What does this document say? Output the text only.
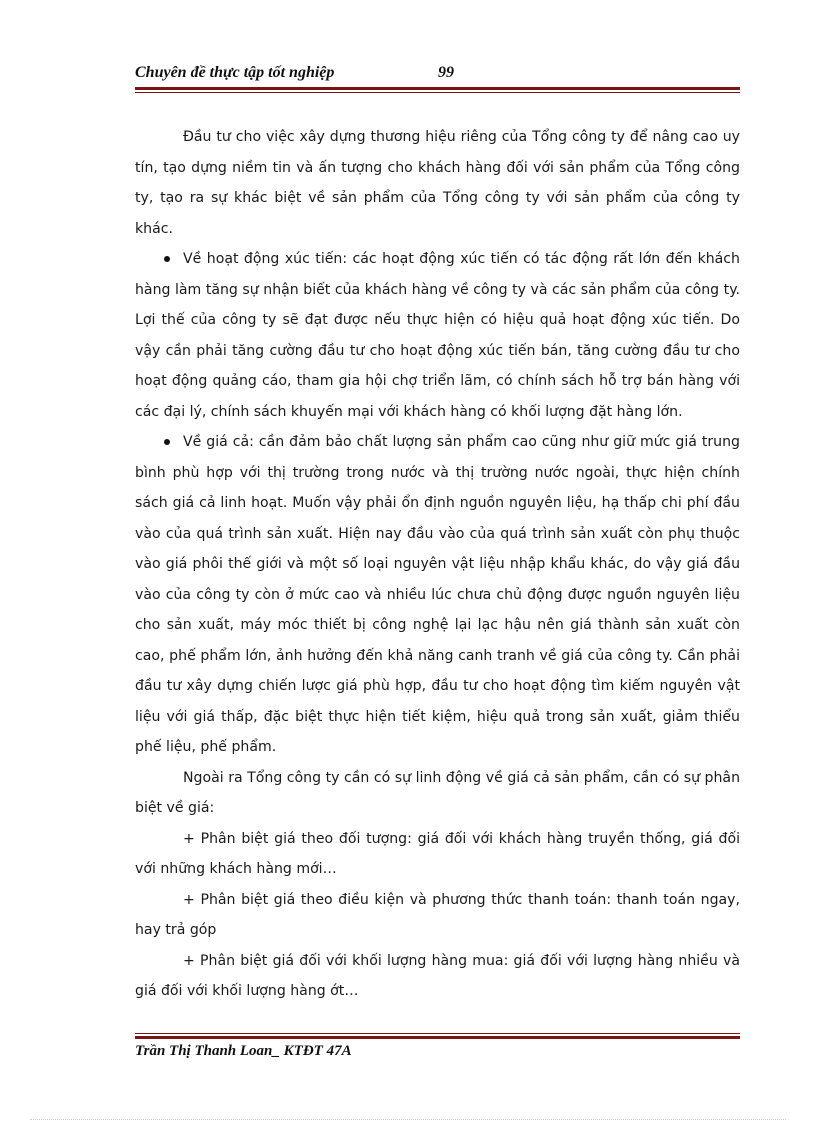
Chuyên đề thực tập tốt nghiệp	99

Đầu tư cho việc xây dựng thương hiệu riêng của Tổng công ty để nâng cao uy tín, tạo dựng niềm tin và ấn tượng cho khách hàng đối với sản phẩm của Tổng công ty, tạo ra sự khác biệt về sản phẩm của Tổng công ty với sản phẩm của công ty khác.

Về hoạt động xúc tiến: các hoạt động xúc tiến có tác động rất lớn đến khách hàng làm tăng sự nhận biết của khách hàng về công ty và các sản phẩm của công ty. Lợi thế của công ty sẽ đạt được nếu thực hiện có hiệu quả hoạt động xúc tiến. Do vậy cần phải tăng cường đầu tư cho hoạt động xúc tiến bán, tăng cường đầu tư cho hoạt động quảng cáo, tham gia hội chợ triển lãm, có chính sách hỗ trợ bán hàng với các đại lý, chính sách khuyến mại với khách hàng có khối lượng đặt hàng lớn.

Về giá cả: cần đảm bảo chất lượng sản phẩm cao cũng như giữ mức giá trung bình phù hợp với thị trường trong nước và thị trường nước ngoài, thực hiện chính sách giá cả linh hoạt. Muốn vậy phải ổn định nguồn nguyên liệu, hạ thấp chi phí đầu vào của quá trình sản xuất. Hiện nay đầu vào của quá trình sản xuất còn phụ thuộc vào giá phôi thế giới và một số loại nguyên vật liệu nhập khẩu khác, do vậy giá đầu vào của công ty còn ở mức cao và nhiều lúc chưa chủ động được nguồn nguyên liệu cho sản xuất, máy móc thiết bị công nghệ lại lạc hậu nên giá thành sản xuất còn cao, phế phẩm lớn, ảnh hưởng đến khả năng canh tranh về giá của công ty. Cần phải đầu tư xây dựng chiến lược giá phù hợp, đầu tư cho hoạt động tìm kiếm nguyên vật liệu với giá thấp, đặc biệt thực hiện tiết kiệm, hiệu quả trong sản xuất, giảm thiểu phế liệu, phế phẩm.

Ngoài ra Tổng công ty cần có sự linh động về giá cả sản phẩm, cần có sự phân biệt về giá:

+ Phân biệt giá theo đối tượng: giá đối với khách hàng truyền thống, giá đối với những khách hàng mới…

+ Phân biệt giá theo điều kiện và phương thức thanh toán: thanh toán ngay, hay trả góp

+ Phân biệt giá đối với khối lượng hàng mua: giá đối với lượng hàng nhiều và giá đối với khối lượng hàng ớt…

Trần Thị Thanh Loan_ KTĐT 47A
